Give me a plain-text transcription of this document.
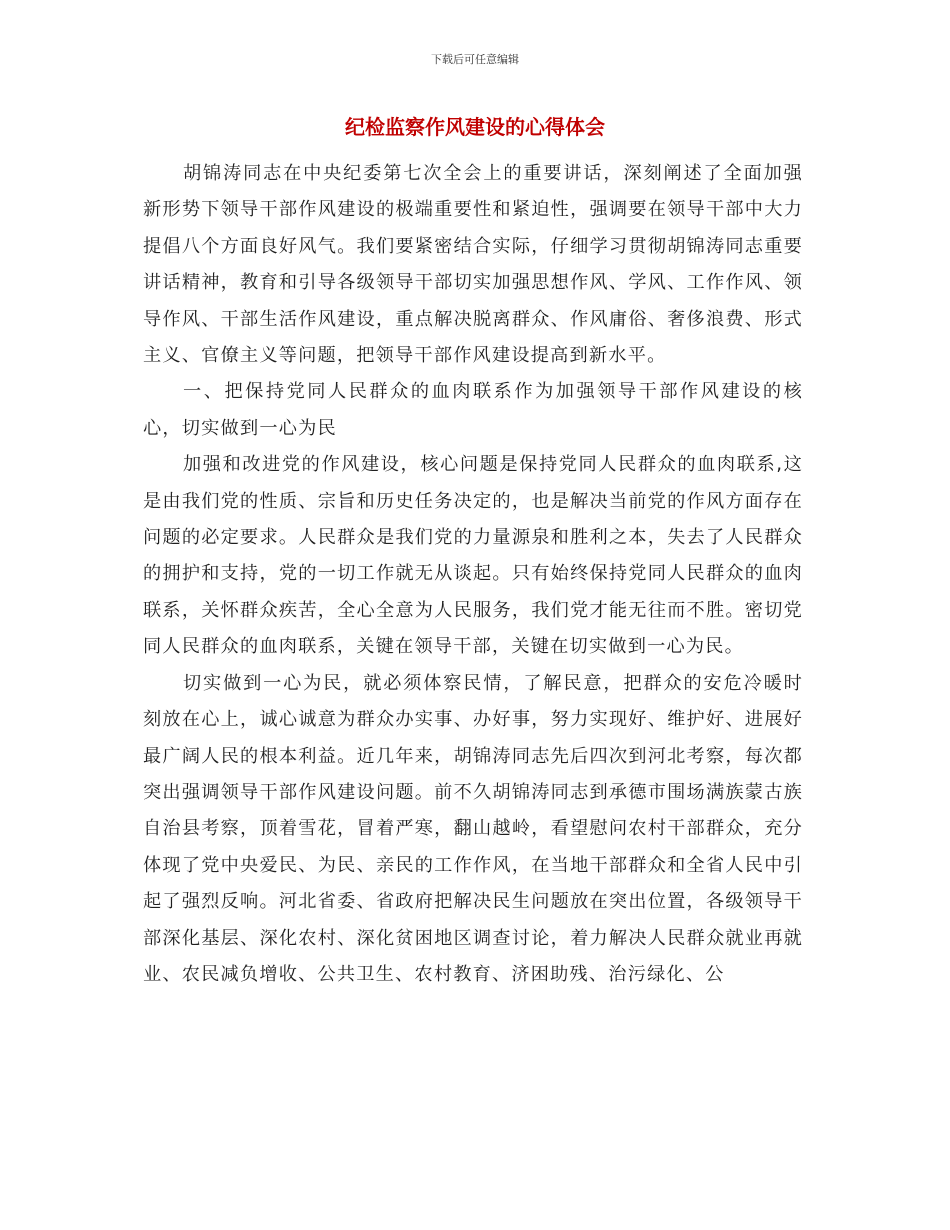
下载后可任意编辑
纪检监察作风建设的心得体会

胡锦涛同志在中央纪委第七次全会上的重要讲话，深刻阐述了全面加强新形势下领导干部作风建设的极端重要性和紧迫性，强调要在领导干部中大力提倡八个方面良好风气。我们要紧密结合实际，仔细学习贯彻胡锦涛同志重要讲话精神，教育和引导各级领导干部切实加强思想作风、学风、工作作风、领导作风、干部生活作风建设，重点解决脱离群众、作风庸俗、奢侈浪费、形式主义、官僚主义等问题，把领导干部作风建设提高到新水平。

一、把保持党同人民群众的血肉联系作为加强领导干部作风建设的核心，切实做到一心为民

加强和改进党的作风建设，核心问题是保持党同人民群众的血肉联系,这是由我们党的性质、宗旨和历史任务决定的，也是解决当前党的作风方面存在问题的必定要求。人民群众是我们党的力量源泉和胜利之本，失去了人民群众的拥护和支持，党的一切工作就无从谈起。只有始终保持党同人民群众的血肉联系，关怀群众疾苦，全心全意为人民服务，我们党才能无往而不胜。密切党同人民群众的血肉联系，关键在领导干部，关键在切实做到一心为民。

切实做到一心为民，就必须体察民情，了解民意，把群众的安危冷暖时刻放在心上，诚心诚意为群众办实事、办好事，努力实现好、维护好、进展好最广阔人民的根本利益。近几年来，胡锦涛同志先后四次到河北考察，每次都突出强调领导干部作风建设问题。前不久胡锦涛同志到承德市围场满族蒙古族自治县考察，顶着雪花，冒着严寒，翻山越岭，看望慰问农村干部群众，充分体现了党中央爱民、为民、亲民的工作作风，在当地干部群众和全省人民中引起了强烈反响。河北省委、省政府把解决民生问题放在突出位置，各级领导干部深化基层、深化农村、深化贫困地区调查讨论，着力解决人民群众就业再就业、农民减负增收、公共卫生、农村教育、济困助残、治污绿化、公
